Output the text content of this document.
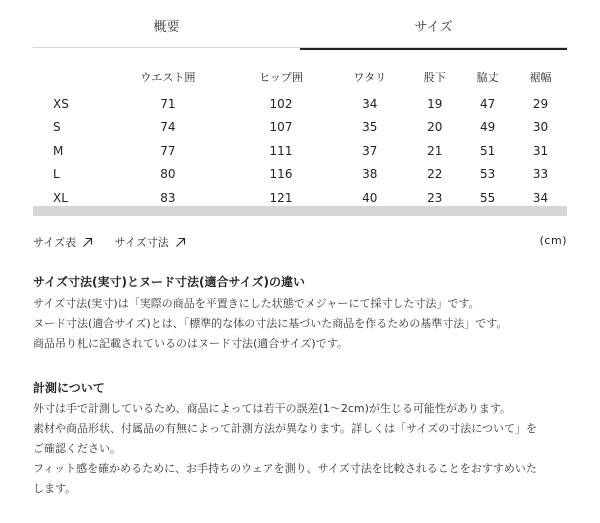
概要	サイズ
	ウエスト囲	ヒップ囲	ワタリ	股下	脇丈	裾幅
XS	71	102	34	19	47	29
S	74	107	35	20	49	30
M	77	111	37	21	51	31
L	80	116	38	22	53	33
XL	83	121	40	23	55	34
サイズ表
	サイズ寸法	(cm)
サイズ寸法(実寸)とヌード寸法(適合サイズ)の違い
サイズ寸法(実寸)は「実際の商品を平置きにした状態でメジャーにて採寸した寸法」です。
ヌード寸法(適合サイズ)とは、「標準的な体の寸法に基づいた商品を作るための基準寸法」です。
商品吊り札に記載されているのはヌード寸法(適合サイズ)です。
計測について
外寸は手で計測しているため、商品によっては若干の誤差(1〜2cm)が生じる可能性があります。
素材や商品形状、付属品の有無によって計測方法が異なります。詳しくは「サイズの寸法について」を
ご確認ください。
フィット感を確かめるために、お手持ちのウェアを測り、サイズ寸法を比較されることをおすすめいた
します。
